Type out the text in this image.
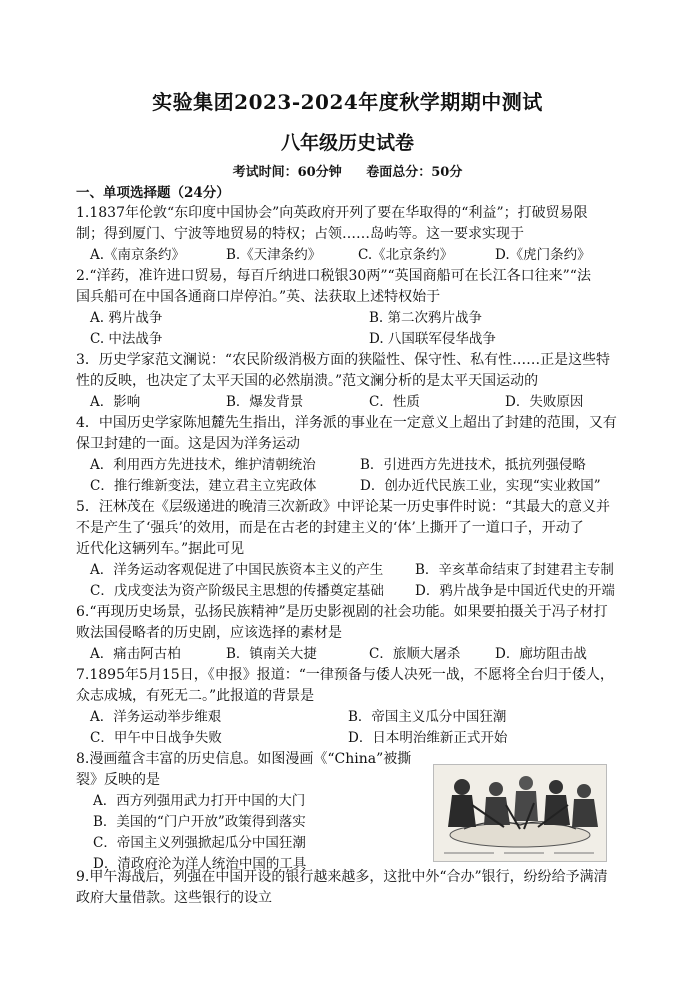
实验集团2023-2024年度秋学期期中测试
八年级历史试卷
考试时间：60分钟 卷面总分：50分
一、单项选择题（24分）
1.1837年伦敦“东印度中国协会”向英政府开列了要在华取得的“利益”；打破贸易限
制；得到厦门、宁波等地贸易的特权；占领……岛屿等。这一要求实现于
A.《南京条约》	B.《天津条约》	C.《北京条约》	D.《虎门条约》
2.“洋药，准许进口贸易，每百斤纳进口税银30两”“英国商船可在长江各口往来”“法
国兵船可在中国各通商口岸停泊。”英、法获取上述特权始于
A. 鸦片战争	B. 第二次鸦片战争
C. 中法战争	D. 八国联军侵华战争
3．历史学家范文澜说：“农民阶级消极方面的狭隘性、保守性、私有性……正是这些特
性的反映，也决定了太平天国的必然崩溃。”范文澜分析的是太平天国运动的
A．影响	B．爆发背景	C．性质	D．失败原因
4．中国历史学家陈旭麓先生指出，洋务派的事业在一定意义上超出了封建的范围，又有
保卫封建的一面。这是因为洋务运动
A．利用西方先进技术，维护清朝统治	B．引进西方先进技术，抵抗列强侵略
C．推行维新变法，建立君主立宪政体	D．创办近代民族工业，实现“实业救国”
5．汪林茂在《层级递进的晚清三次新政》中评论某一历史事件时说：“其最大的意义并
不是产生了‘强兵’的效用，而是在古老的封建主义的‘体’上撕开了一道口子，开动了
近代化这辆列车。”据此可见
A．洋务运动客观促进了中国民族资本主义的产生 B．辛亥革命结束了封建君主专制
C．戊戌变法为资产阶级民主思想的传播奠定基础 D．鸦片战争是中国近代史的开端
6.“再现历史场景，弘扬民族精神”是历史影视剧的社会功能。如果要拍摄关于冯子材打
败法国侵略者的历史剧，应该选择的素材是
A．痛击阿古柏	B．镇南关大捷	C．旅顺大屠杀	D．廊坊阻击战
7.1895年5月15日，《申报》报道：“一律预备与倭人决死一战，不愿将全台归于倭人，
众志成城，有死无二。”此报道的背景是
A．洋务运动举步维艰	B．帝国主义瓜分中国狂潮
C．甲午中日战争失败	D．日本明治维新正式开始
8.漫画蕴含丰富的历史信息。如图漫画《“China”被撕
裂》反映的是
A．西方列强用武力打开中国的大门
B．美国的“门户开放”政策得到落实
C．帝国主义列强掀起瓜分中国狂潮
D．清政府沦为洋人统治中国的工具
9.甲午海战后，列强在中国开设的银行越来越多，这批中外“合办”银行，纷纷给予满清
政府大量借款。这些银行的设立
